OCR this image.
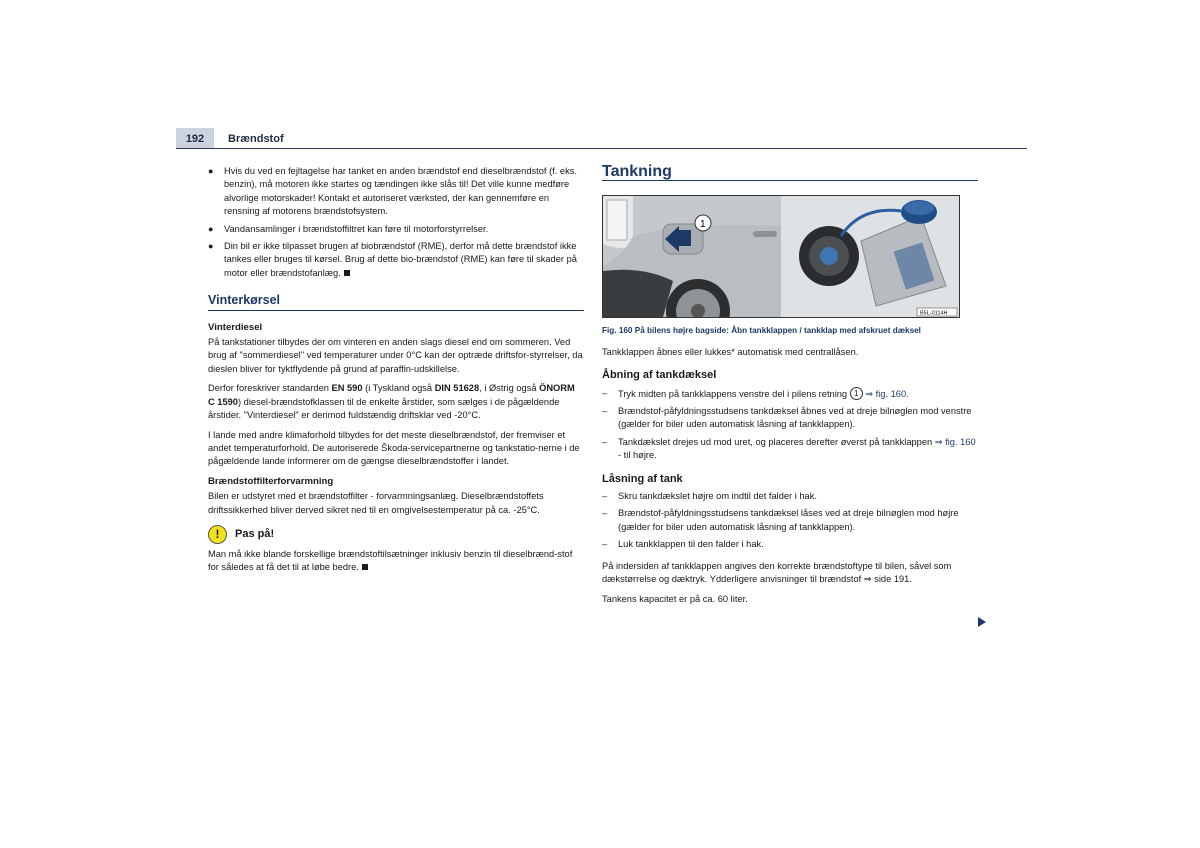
192	Brændstof
●	Hvis du ved en fejltagelse har tanket en anden brændstof end dieselbrændstof (f. eks. benzin), må motoren ikke startes og tændingen ikke slås til! Det ville kunne medføre alvorlige motorskader! Kontakt et autoriseret værksted, der kan gennemføre en rensning af motorens brændstofsystem.
●	Vandansamlinger i brændstoffiltret kan føre til motorforstyrrelser.
●	Din bil er ikke tilpasset brugen af biobrændstof (RME), derfor må dette brændstof ikke tankes eller bruges til kørsel. Brug af dette bio-brændstof (RME) kan føre til skader på motor eller brændstofanlæg.
Vinterkørsel
Vinterdiesel

På tankstationer tilbydes der om vinteren en anden slags diesel end om sommeren. Ved brug af "sommerdiesel" ved temperaturer under 0°C kan der optræde driftsfor-styrrelser, da dieslen bliver for tyktflydende på grund af paraffin-udskillelse.

Derfor foreskriver standarden EN 590 (i Tyskland også DIN 51628, i Østrig også ÖNORM C 1590) diesel-brændstofklassen til de enkelte årstider, som sælges i de pågældende årstider. "Vinterdiesel" er derimod fuldstændig driftsklar ved -20°C.

I lande med andre klimaforhold tilbydes for det meste dieselbrændstof, der fremviser et andet temperaturforhold. De autoriserede Škoda-servicepartnerne og tankstatio-nerne i de pågældende lande informerer om de gængse dieselbrændstoffer i landet.

Brændstoffilterforvarmning

Bilen er udstyret med et brændstoffilter - forvarmningsanlæg. Dieselbrændstoffets driftssikkerhed bliver derved sikret ned til en omgivelsestemperatur på ca. -25°C.

!	Pas på!

Man må ikke blande forskellige brændstoftilsætninger inklusiv benzin til dieselbrænd-stof for således at få det til at løbe bedre.

Tankning
1
B5L-0114H
Fig. 160 På bilens højre bagside: Åbn tankklappen / tankklap med afskruet dæksel

Tankklappen åbnes eller lukkes* automatisk med centrallåsen.

Åbning af tankdæksel
–	Tryk midten på tankklappens venstre del i pilens retning 1 ⇒ fig. 160.
–	Brændstof-påfyldningsstudsens tankdæksel åbnes ved at dreje bilnøglen mod venstre (gælder for biler uden automatisk låsning af tankklappen).
–	Tankdækslet drejes ud mod uret, og placeres derefter øverst på tankklappen ⇒ fig. 160 - til højre.
Låsning af tank
–	Skru tankdækslet højre om indtil det falder i hak.
–	Brændstof-påfyldningsstudsens tankdæksel låses ved at dreje bilnøglen mod højre (gælder for biler uden automatisk låsning af tankklappen).
–	Luk tankklappen til den falder i hak.

På indersiden af tankklappen angives den korrekte brændstoftype til bilen, såvel som dækstørrelse og dæktryk. Ydderligere anvisninger til brændstof ⇒ side 191.

Tankens kapacitet er på ca. 60 liter.
